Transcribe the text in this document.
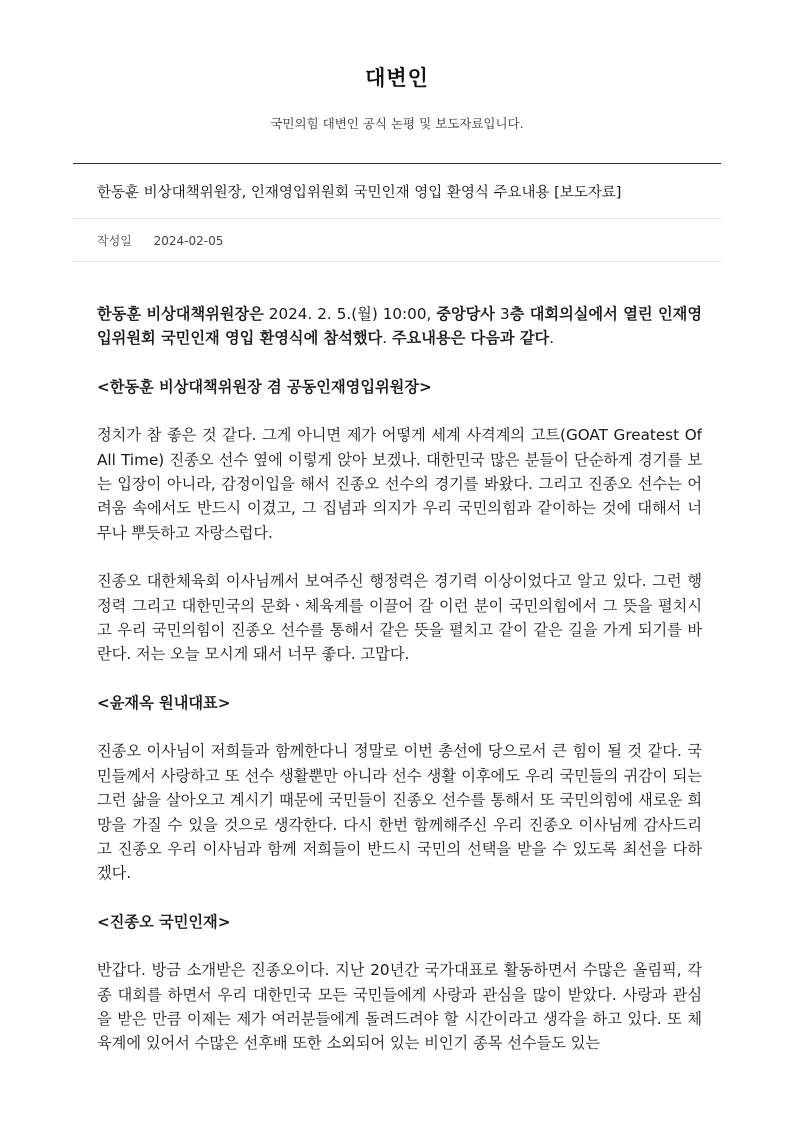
대변인
국민의힘 대변인 공식 논평 및 보도자료입니다.
한동훈 비상대책위원장, 인재영입위원회 국민인재 영입 환영식 주요내용 [보도자료]
작성일 2024-02-05

한동훈 비상대책위원장은 2024. 2. 5.(월) 10:00, 중앙당사 3층 대회의실에서 열린 인재영입위원회 국민인재 영입 환영식에 참석했다. 주요내용은 다음과 같다.

<한동훈 비상대책위원장 겸 공동인재영입위원장>

정치가 참 좋은 것 같다. 그게 아니면 제가 어떻게 세계 사격계의 고트(GOAT Greatest Of All Time) 진종오 선수 옆에 이렇게 앉아 보겠나. 대한민국 많은 분들이 단순하게 경기를 보는 입장이 아니라, 감정이입을 해서 진종오 선수의 경기를 봐왔다. 그리고 진종오 선수는 어려움 속에서도 반드시 이겼고, 그 집념과 의지가 우리 국민의힘과 같이하는 것에 대해서 너무나 뿌듯하고 자랑스럽다.

진종오 대한체육회 이사님께서 보여주신 행정력은 경기력 이상이었다고 알고 있다. 그런 행정력 그리고 대한민국의 문화ㆍ체육계를 이끌어 갈 이런 분이 국민의힘에서 그 뜻을 펼치시고 우리 국민의힘이 진종오 선수를 통해서 같은 뜻을 펼치고 같이 같은 길을 가게 되기를 바란다. 저는 오늘 모시게 돼서 너무 좋다. 고맙다.

<윤재옥 원내대표>

진종오 이사님이 저희들과 함께한다니 정말로 이번 총선에 당으로서 큰 힘이 될 것 같다. 국민들께서 사랑하고 또 선수 생활뿐만 아니라 선수 생활 이후에도 우리 국민들의 귀감이 되는 그런 삶을 살아오고 계시기 때문에 국민들이 진종오 선수를 통해서 또 국민의힘에 새로운 희망을 가질 수 있을 것으로 생각한다. 다시 한번 함께해주신 우리 진종오 이사님께 감사드리고 진종오 우리 이사님과 함께 저희들이 반드시 국민의 선택을 받을 수 있도록 최선을 다하겠다.

<진종오 국민인재>

반갑다. 방금 소개받은 진종오이다. 지난 20년간 국가대표로 활동하면서 수많은 올림픽, 각종 대회를 하면서 우리 대한민국 모든 국민들에게 사랑과 관심을 많이 받았다. 사랑과 관심을 받은 만큼 이제는 제가 여러분들에게 돌려드려야 할 시간이라고 생각을 하고 있다. 또 체육계에 있어서 수많은 선후배 또한 소외되어 있는 비인기 종목 선수들도 있는
